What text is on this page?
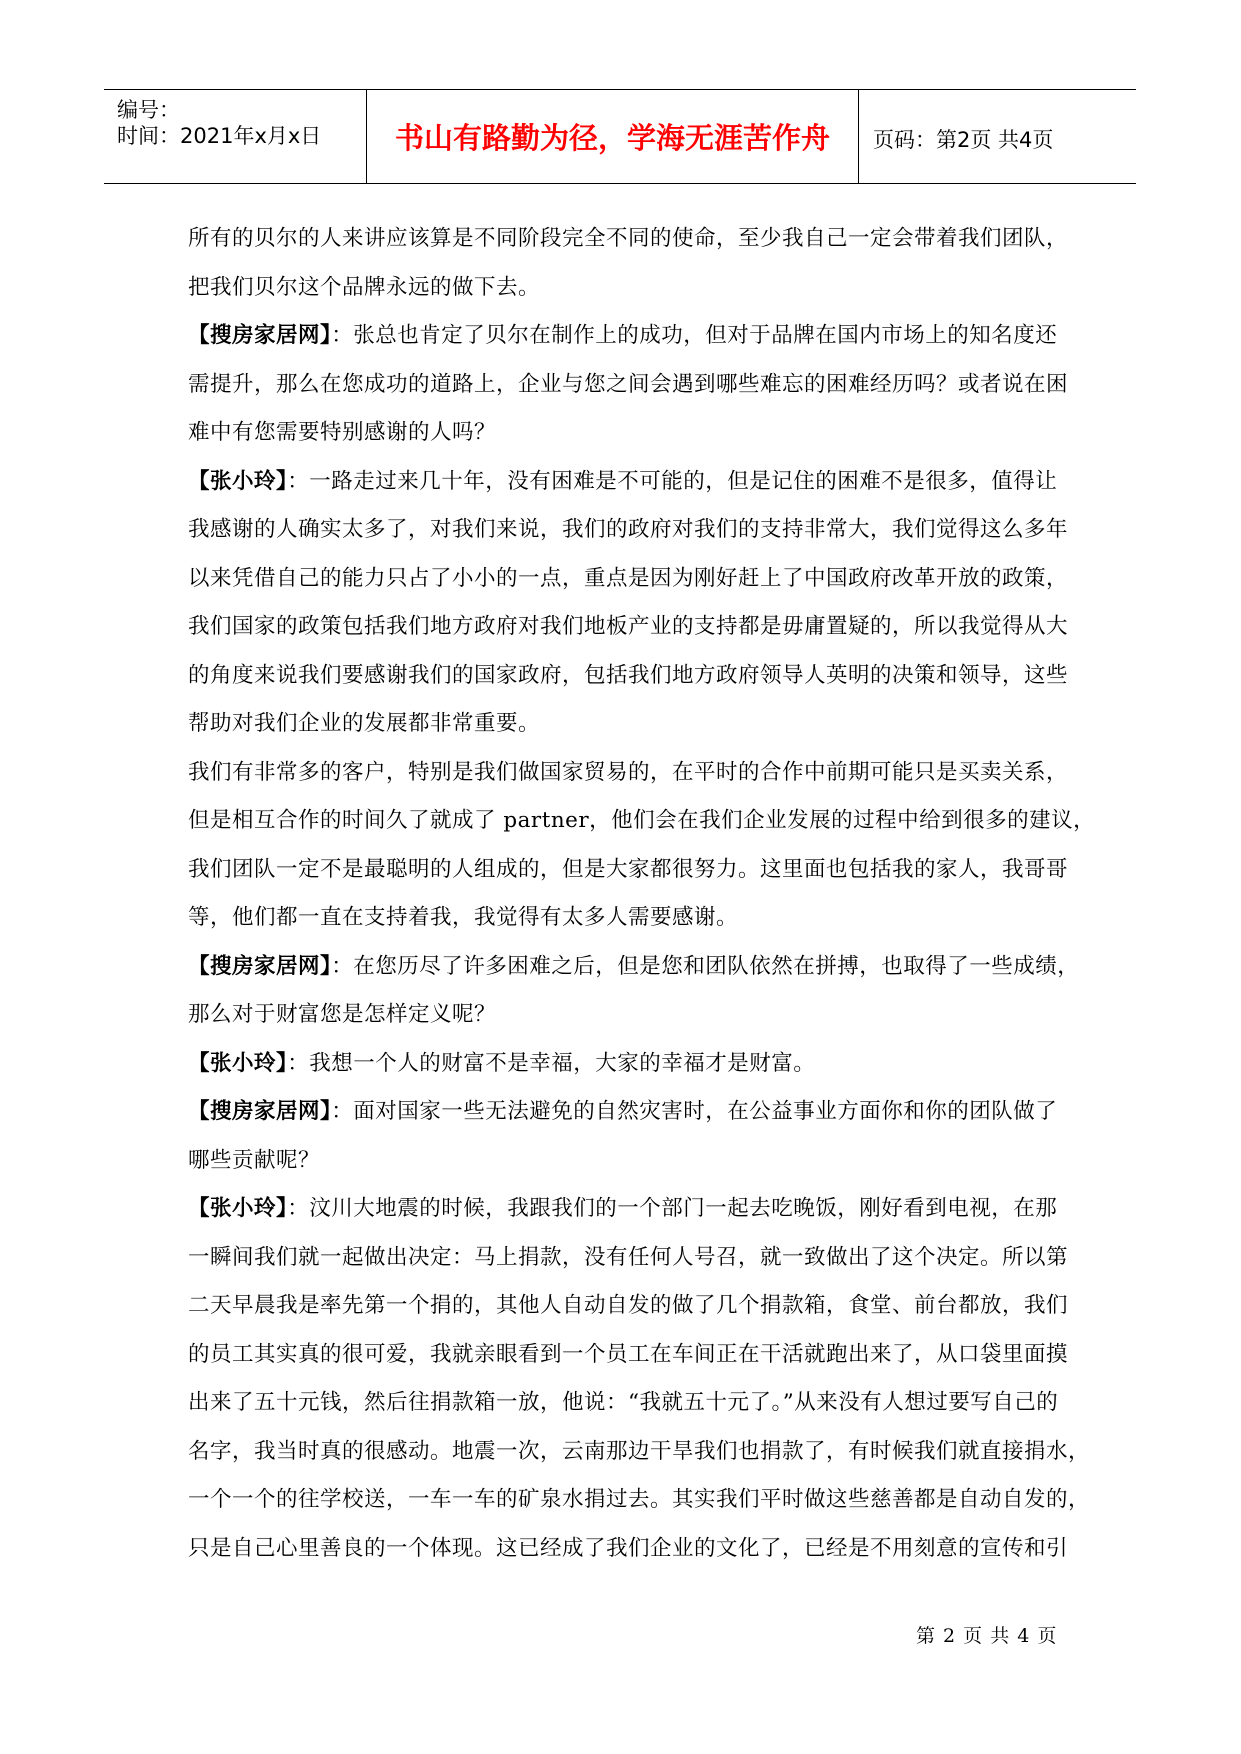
编号：
时间：2021年x月x日	书山有路勤为径，学海无涯苦作舟	页码：第2页 共4页
所有的贝尔的人来讲应该算是不同阶段完全不同的使命，至少我自己一定会带着我们团队，
把我们贝尔这个品牌永远的做下去。
【搜房家居网】：张总也肯定了贝尔在制作上的成功，但对于品牌在国内市场上的知名度还
需提升，那么在您成功的道路上，企业与您之间会遇到哪些难忘的困难经历吗？或者说在困
难中有您需要特别感谢的人吗？
【张小玲】：一路走过来几十年，没有困难是不可能的，但是记住的困难不是很多，值得让
我感谢的人确实太多了，对我们来说，我们的政府对我们的支持非常大，我们觉得这么多年
以来凭借自己的能力只占了小小的一点，重点是因为刚好赶上了中国政府改革开放的政策，
我们国家的政策包括我们地方政府对我们地板产业的支持都是毋庸置疑的，所以我觉得从大
的角度来说我们要感谢我们的国家政府，包括我们地方政府领导人英明的决策和领导，这些
帮助对我们企业的发展都非常重要。
我们有非常多的客户，特别是我们做国家贸易的，在平时的合作中前期可能只是买卖关系，
但是相互合作的时间久了就成了 partner，他们会在我们企业发展的过程中给到很多的建议，
我们团队一定不是最聪明的人组成的，但是大家都很努力。这里面也包括我的家人，我哥哥
等，他们都一直在支持着我，我觉得有太多人需要感谢。
【搜房家居网】：在您历尽了许多困难之后，但是您和团队依然在拼搏，也取得了一些成绩，
那么对于财富您是怎样定义呢？
【张小玲】：我想一个人的财富不是幸福，大家的幸福才是财富。
【搜房家居网】：面对国家一些无法避免的自然灾害时，在公益事业方面你和你的团队做了
哪些贡献呢？
【张小玲】：汶川大地震的时候，我跟我们的一个部门一起去吃晚饭，刚好看到电视，在那
一瞬间我们就一起做出决定：马上捐款，没有任何人号召，就一致做出了这个决定。所以第
二天早晨我是率先第一个捐的，其他人自动自发的做了几个捐款箱，食堂、前台都放，我们
的员工其实真的很可爱，我就亲眼看到一个员工在车间正在干活就跑出来了，从口袋里面摸
出来了五十元钱，然后往捐款箱一放，他说：“我就五十元了。”从来没有人想过要写自己的
名字，我当时真的很感动。地震一次，云南那边干旱我们也捐款了，有时候我们就直接捐水，
一个一个的往学校送，一车一车的矿泉水捐过去。其实我们平时做这些慈善都是自动自发的，
只是自己心里善良的一个体现。这已经成了我们企业的文化了，已经是不用刻意的宣传和引
第 2 页 共 4 页
